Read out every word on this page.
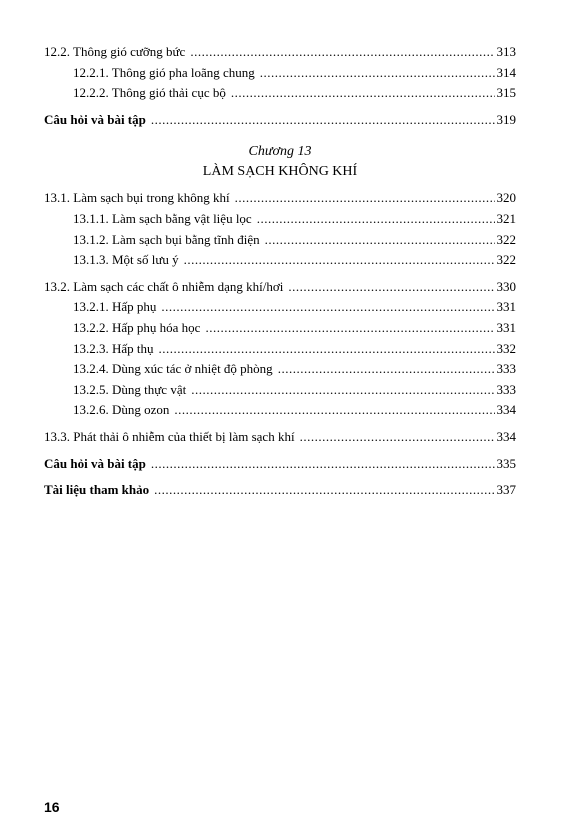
12.2. Thông gió cưỡng bức .....	313
12.2.1. Thông gió pha loãng chung .....	314
12.2.2. Thông gió thải cục bộ .....	315
Câu hỏi và bài tập .....	319
Chương 13
LÀM SẠCH KHÔNG KHÍ
13.1. Làm sạch bụi trong không khí .....	320
13.1.1. Làm sạch bằng vật liệu lọc .....	321
13.1.2. Làm sạch bụi bằng tĩnh điện .....	322
13.1.3. Một số lưu ý .....	322
13.2. Làm sạch các chất ô nhiễm dạng khí/hơi .....	330
13.2.1. Hấp phụ .....	331
13.2.2. Hấp phụ hóa học .....	331
13.2.3. Hấp thụ .....	332
13.2.4. Dùng xúc tác ở nhiệt độ phòng .....	333
13.2.5. Dùng thực vật .....	333
13.2.6. Dùng ozon .....	334
13.3. Phát thải ô nhiễm của thiết bị làm sạch khí .....	334
Câu hỏi và bài tập .....	335
Tài liệu tham khảo .....	337
16
